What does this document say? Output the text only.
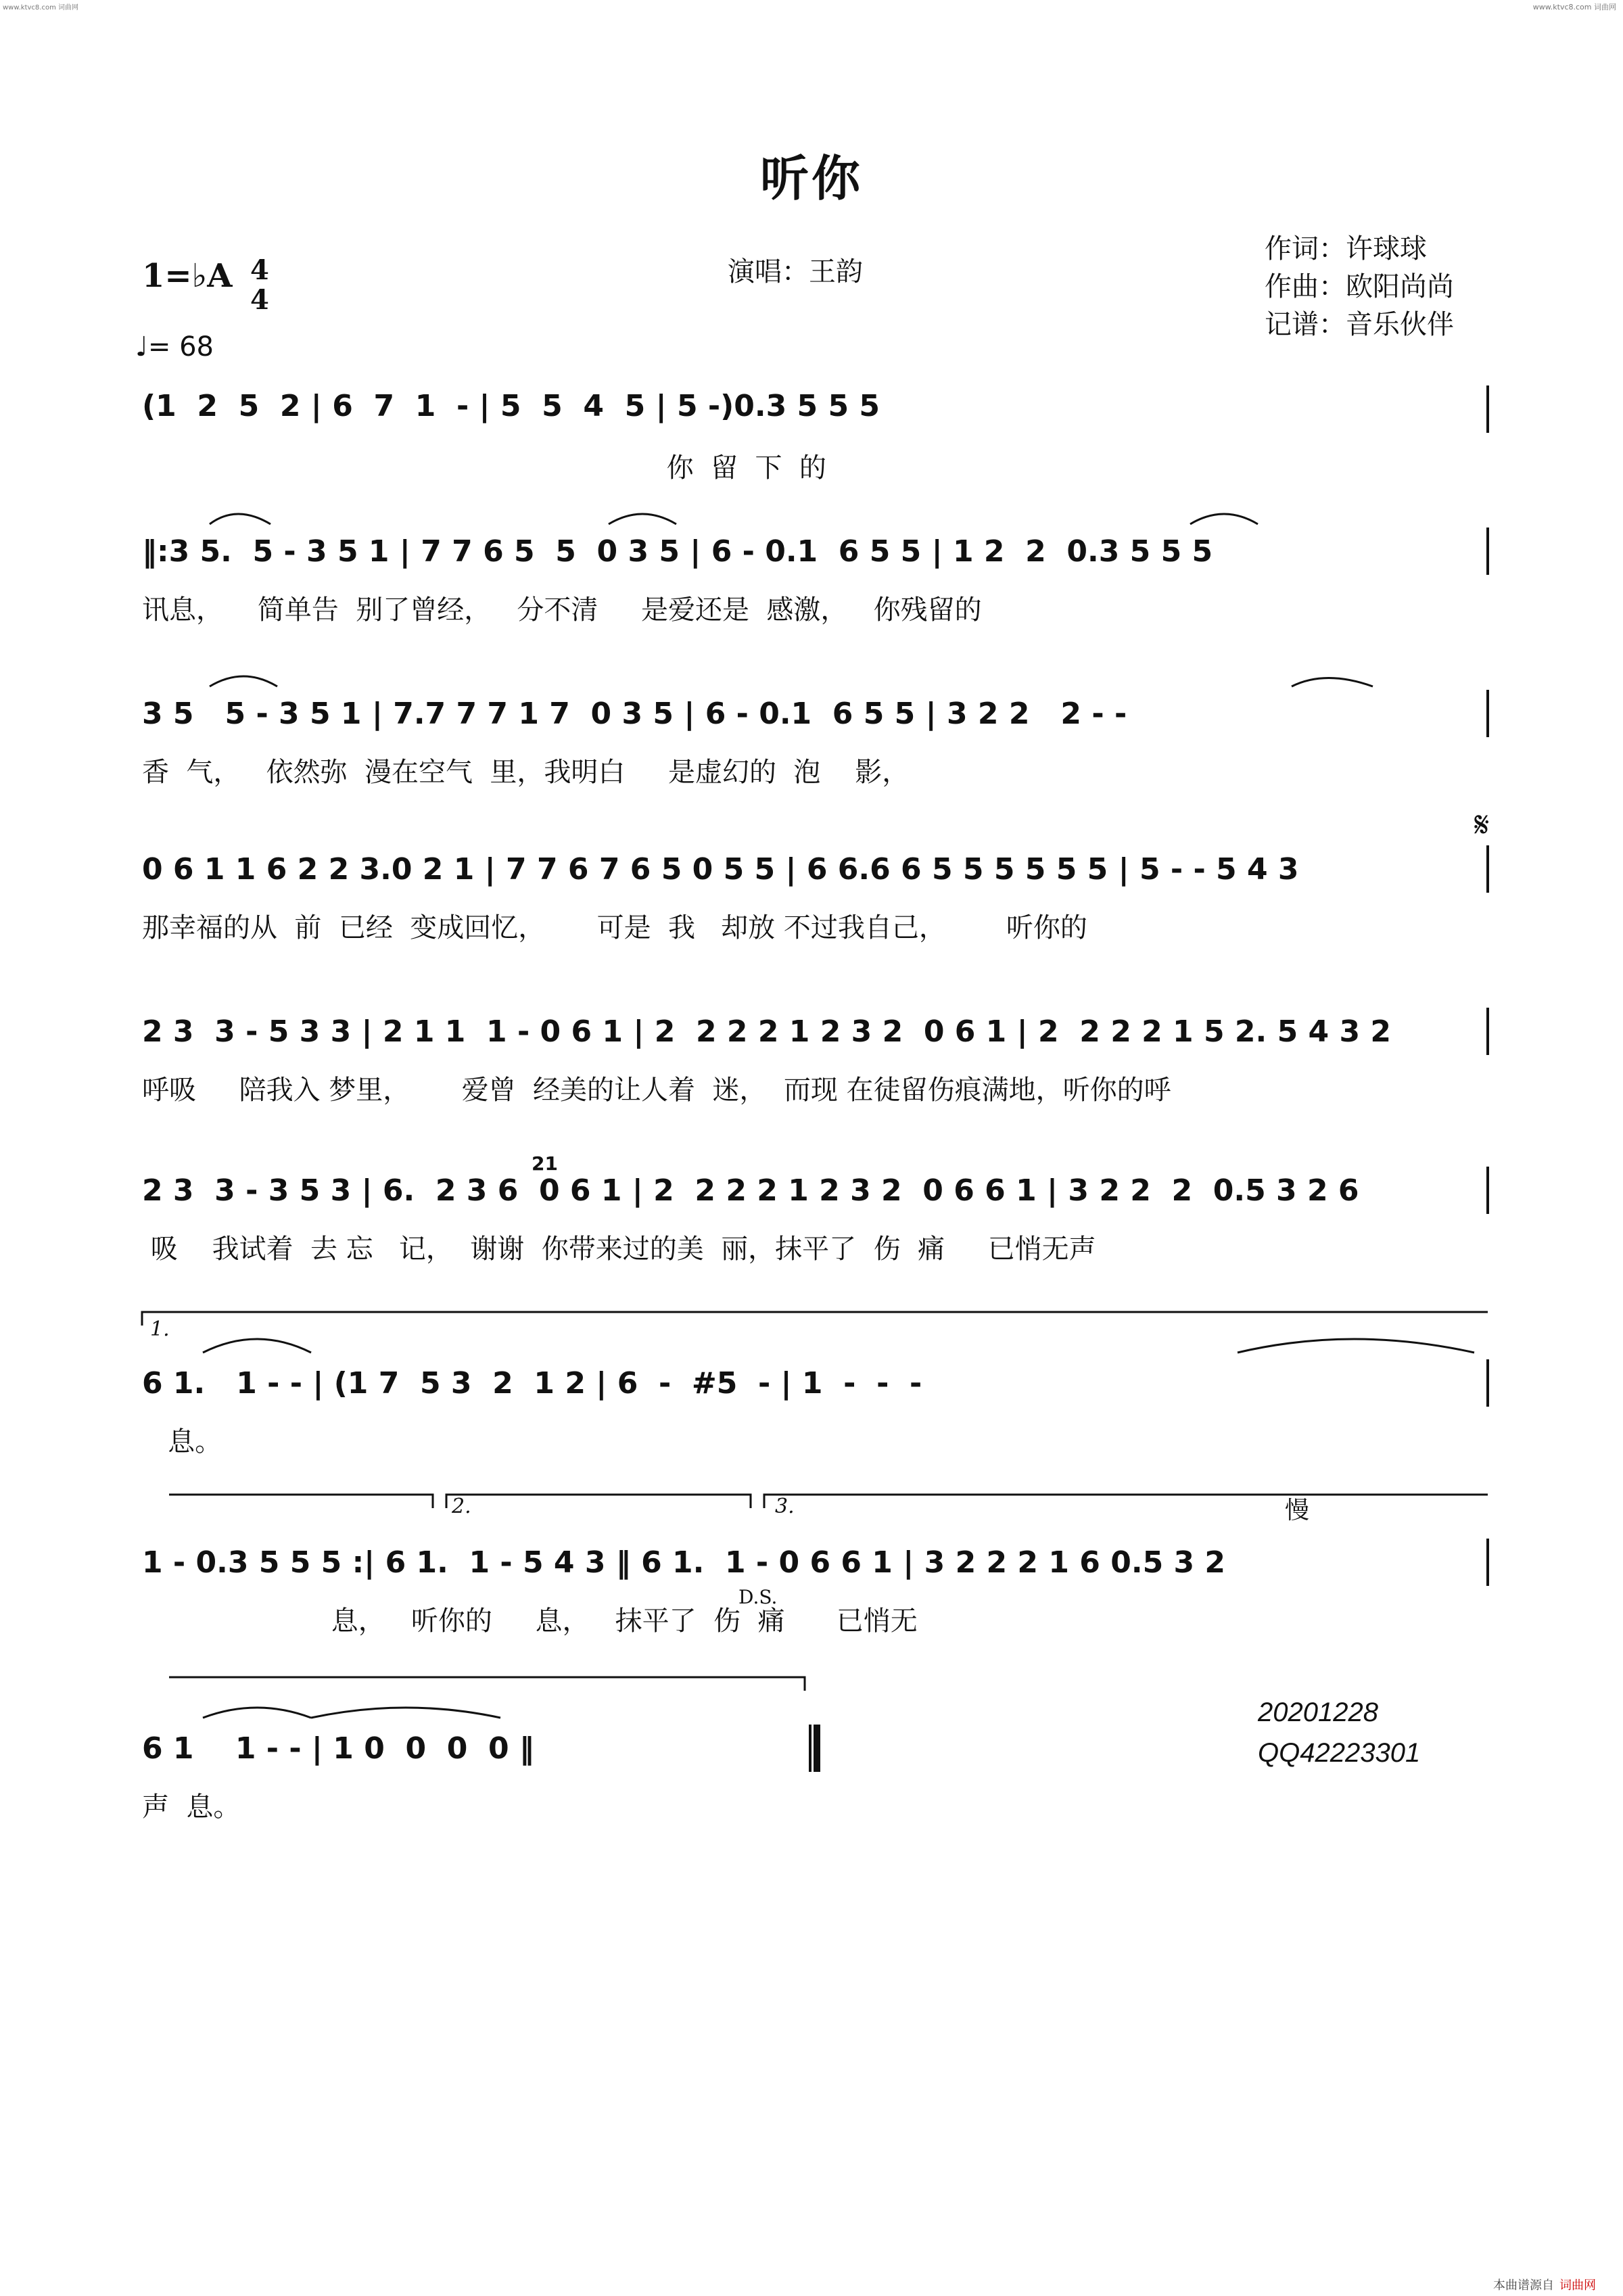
www.ktvc8.com 词曲网	www.ktvc8.com 词曲网
听你
1=♭A 4
4
♩= 68
演唱：王韵
作词：许球球
作曲：欧阳尚尚
记谱：音乐伙伴
(1  2  5  2 | 6  7  1  - | 5  5  4  5 | 5 -)0.3 5 5 5
你  留  下  的
‖:3 5.  5 - 3 5 1 | 7 7 6 5  5  0 3 5 | 6 - 0.1  6 5 5 | 1 2  2  0.3 5 5 5
讯息，    简单告  别了曾经，   分不清     是爱还是  感激，   你残留的
3 5   5 - 3 5 1 | 7.7 7 7 1 7  0 3 5 | 6 - 0.1  6 5 5 | 3 2 2   2 - -
香  气，   依然弥  漫在空气  里，我明白     是虚幻的  泡    影，
0 6 1 1 6 2 2 3.0 2 1 | 7 7 6 7 6 5 0 5 5 | 6 6.6 6 5 5 5 5 5 5 | 5 - - 5 4 3
那幸福的从  前  已经  变成回忆，      可是  我   却放 不过我自己，       听你的
2 3  3 - 5 3 3 | 2 1 1  1 - 0 6 1 | 2  2 2 2 1 2 3 2  0 6 1 | 2  2 2 2 1 5 2. 5 4 3 2
呼吸     陪我入 梦里，      爱曾  经美的让人着  迷，  而现 在徒留伤痕满地，听你的呼
2 3  3 - 3 5 3 | 6.  2 3 6  0 6 1 | 2  2 2 2 1 2 3 2  0 6 6 1 | 3 2 2  2  0.5 3 2 6
吸    我试着  去 忘   记，  谢谢  你带来过的美  丽，抹平了  伤  痛     已悄无声
6 1.   1 - - | (1 7  5 3  2  1 2 | 6  -  #5  - | 1  -  -  -
息。
1 - 0.3 5 5 5 :| 6 1.  1 - 5 4 3 ‖ 6 1.  1 - 0 6 6 1 | 3 2 2 2 1 6 0.5 3 2
息，   听你的     息，   抹平了  伤  痛      已悄无
6 1    1 - - | 1 0  0  0  0 ‖
声  息。
𝄋
21
1.
2.	3.
D.S.
慢
20201228
QQ42223301
本曲谱源自 词曲网
